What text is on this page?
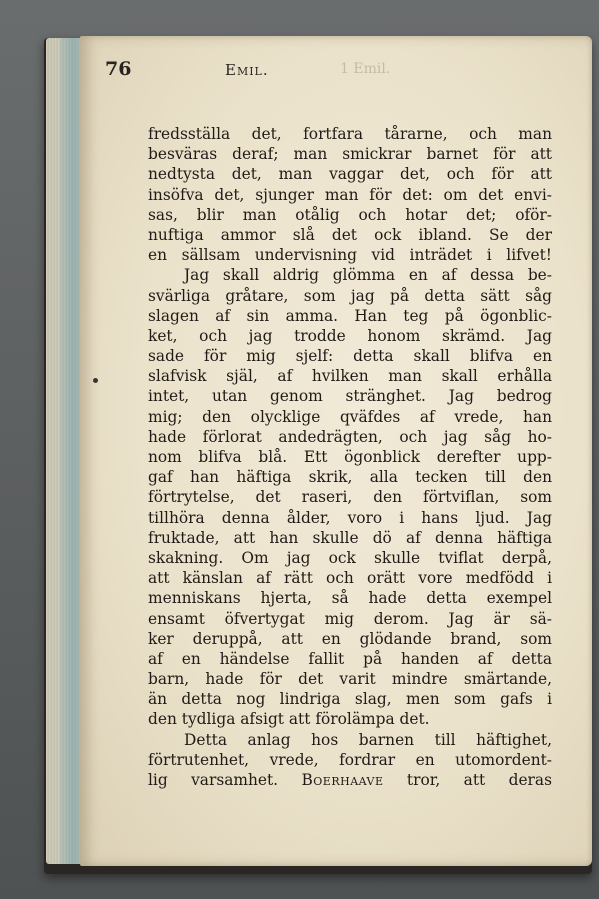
76	Emil.	1 Emil.
fredsställa det, fortfara tårarne, och man
besväras deraf; man smickrar barnet för att
nedtysta det, man vaggar det, och för att
insöfva det, sjunger man för det: om det envi-
sas, blir man otålig och hotar det; oför-
nuftiga ammor slå det ock ibland. Se der
en sällsam undervisning vid inträdet i lifvet!
Jag skall aldrig glömma en af dessa be-
svärliga gråtare, som jag på detta sätt såg
slagen af sin amma. Han teg på ögonblic-
ket, och jag trodde honom skrämd. Jag
sade för mig sjelf: detta skall blifva en
slafvisk själ, af hvilken man skall erhålla
intet, utan genom stränghet. Jag bedrog
mig; den olycklige qväfdes af vrede, han
hade förlorat andedrägten, och jag såg ho-
nom blifva blå. Ett ögonblick derefter upp-
gaf han häftiga skrik, alla tecken till den
förtrytelse, det raseri, den förtviflan, som
tillhöra denna ålder, voro i hans ljud. Jag
fruktade, att han skulle dö af denna häftiga
skakning. Om jag ock skulle tviflat derpå,
att känslan af rätt och orätt vore medfödd i
menniskans hjerta, så hade detta exempel
ensamt öfvertygat mig derom. Jag är sä-
ker deruppå, att en glödande brand, som
af en händelse fallit på handen af detta
barn, hade för det varit mindre smärtande,
än detta nog lindriga slag, men som gafs i
den tydliga afsigt att förolämpa det.
Detta anlag hos barnen till häftighet,
förtrutenhet, vrede, fordrar en utomordent-
lig varsamhet. Boerhaave tror, att deras
